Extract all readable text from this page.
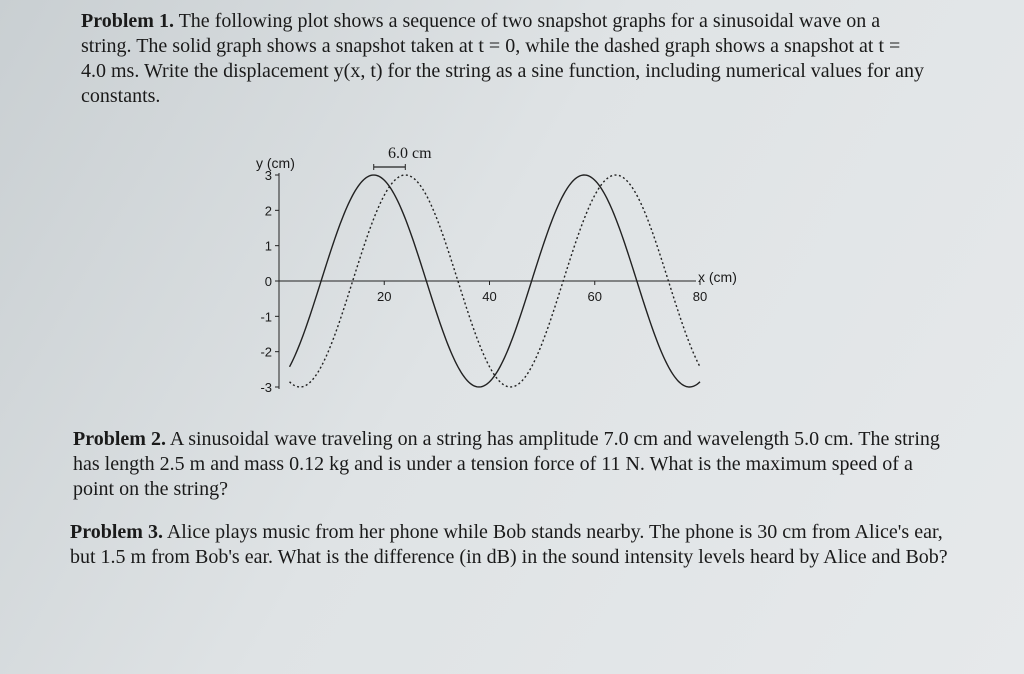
Problem 1. The following plot shows a sequence of two snapshot graphs for a sinusoidal wave on a string. The solid graph shows a snapshot taken at t = 0, while the dashed graph shows a snapshot at t = 4.0 ms. Write the displacement y(x, t) for the string as a sine function, including numerical values for any constants.

3
2
1
0
-1
-2
-3
20	40	60	80
y (cm)
x (cm)
6.0 cm

Problem 2. A sinusoidal wave traveling on a string has amplitude 7.0 cm and wavelength 5.0 cm. The string has length 2.5 m and mass 0.12 kg and is under a tension force of 11 N. What is the maximum speed of a point on the string?

Problem 3. Alice plays music from her phone while Bob stands nearby. The phone is 30 cm from Alice's ear, but 1.5 m from Bob's ear. What is the difference (in dB) in the sound intensity levels heard by Alice and Bob?
